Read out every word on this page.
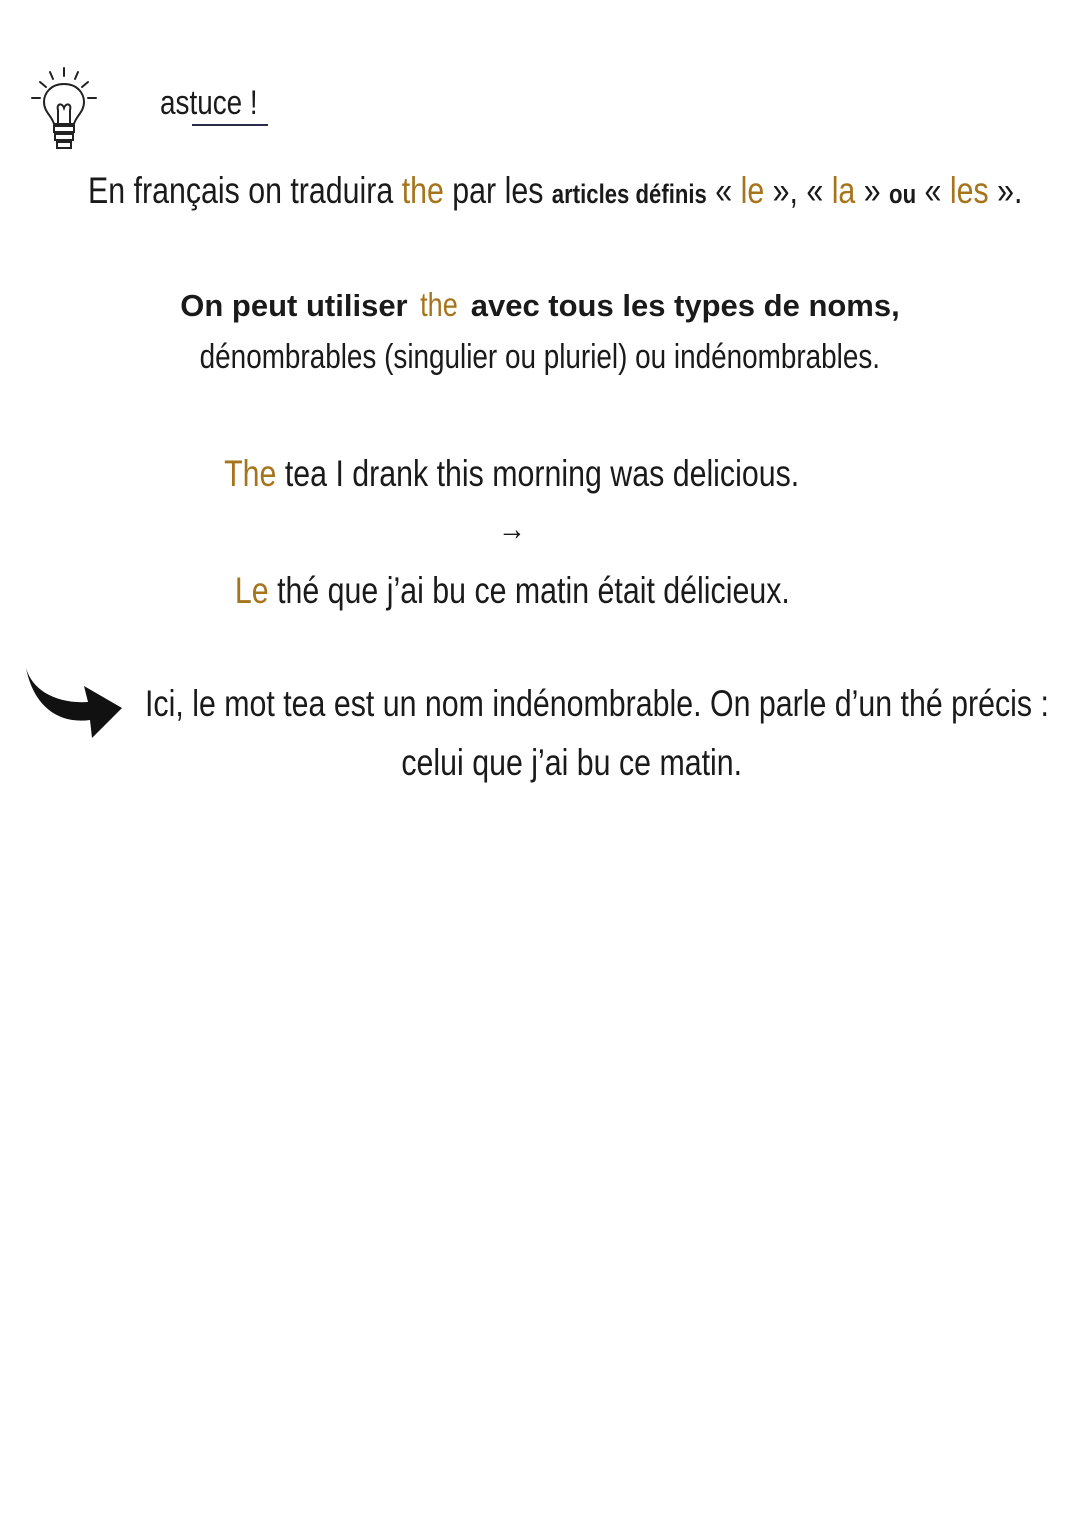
astuce !
En français on traduira the par les articles définis « le », « la » ou « les ».
On peut utiliser the avec tous les types de noms,
dénombrables (singulier ou pluriel) ou indénombrables.
The tea I drank this morning was delicious.
→
Le thé que j’ai bu ce matin était délicieux.
Ici, le mot tea est un nom indénombrable. On parle d’un thé précis :
celui que j’ai bu ce matin.
